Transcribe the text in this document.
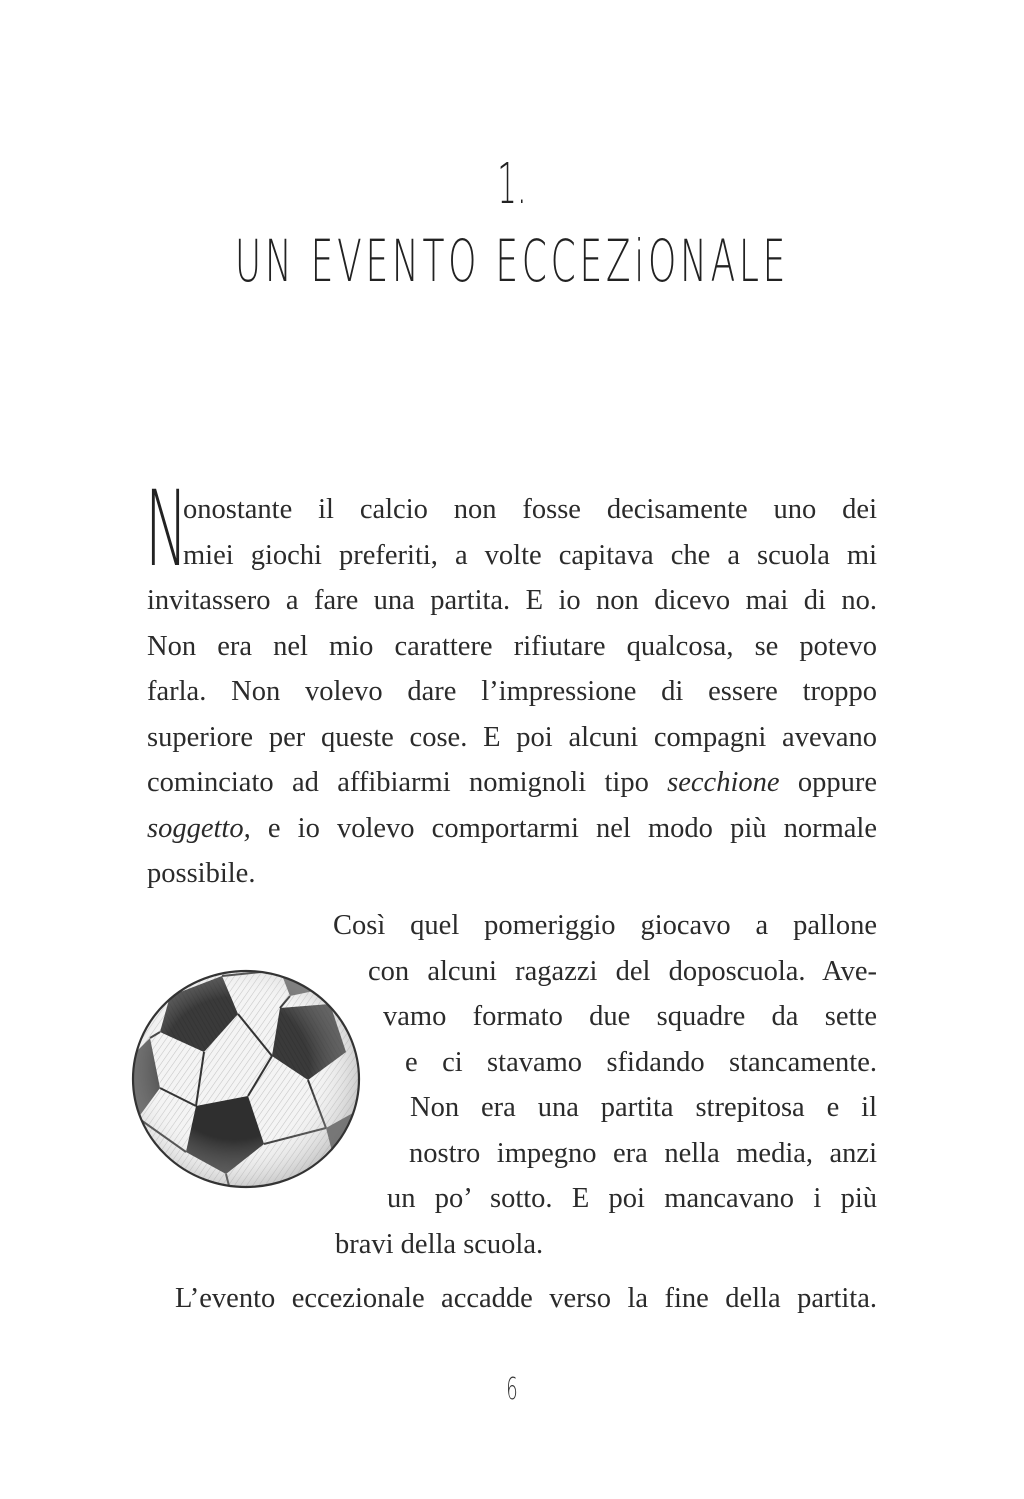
1.
UN EVENTO ECCEZiONALE
N
onostante il calcio non fosse decisamente uno dei
miei giochi preferiti, a volte capitava che a scuola mi
invitassero a fare una partita. E io non dicevo mai di no.
Non era nel mio carattere rifiutare qualcosa, se potevo
farla. Non volevo dare l’impressione di essere troppo
superiore per queste cose. E poi alcuni compagni avevano
cominciato ad affibiarmi nomignoli tipo secchione oppure
soggetto, e io volevo comportarmi nel modo più normale
possibile.
Così quel pomeriggio giocavo a pallone
con alcuni ragazzi del doposcuola. Ave-
vamo formato due squadre da sette
e ci stavamo sfidando stancamente.
Non era una partita strepitosa e il
nostro impegno era nella media, anzi
un po’ sotto. E poi mancavano i più
bravi della scuola.
L’evento eccezionale accadde verso la fine della partita.
6
